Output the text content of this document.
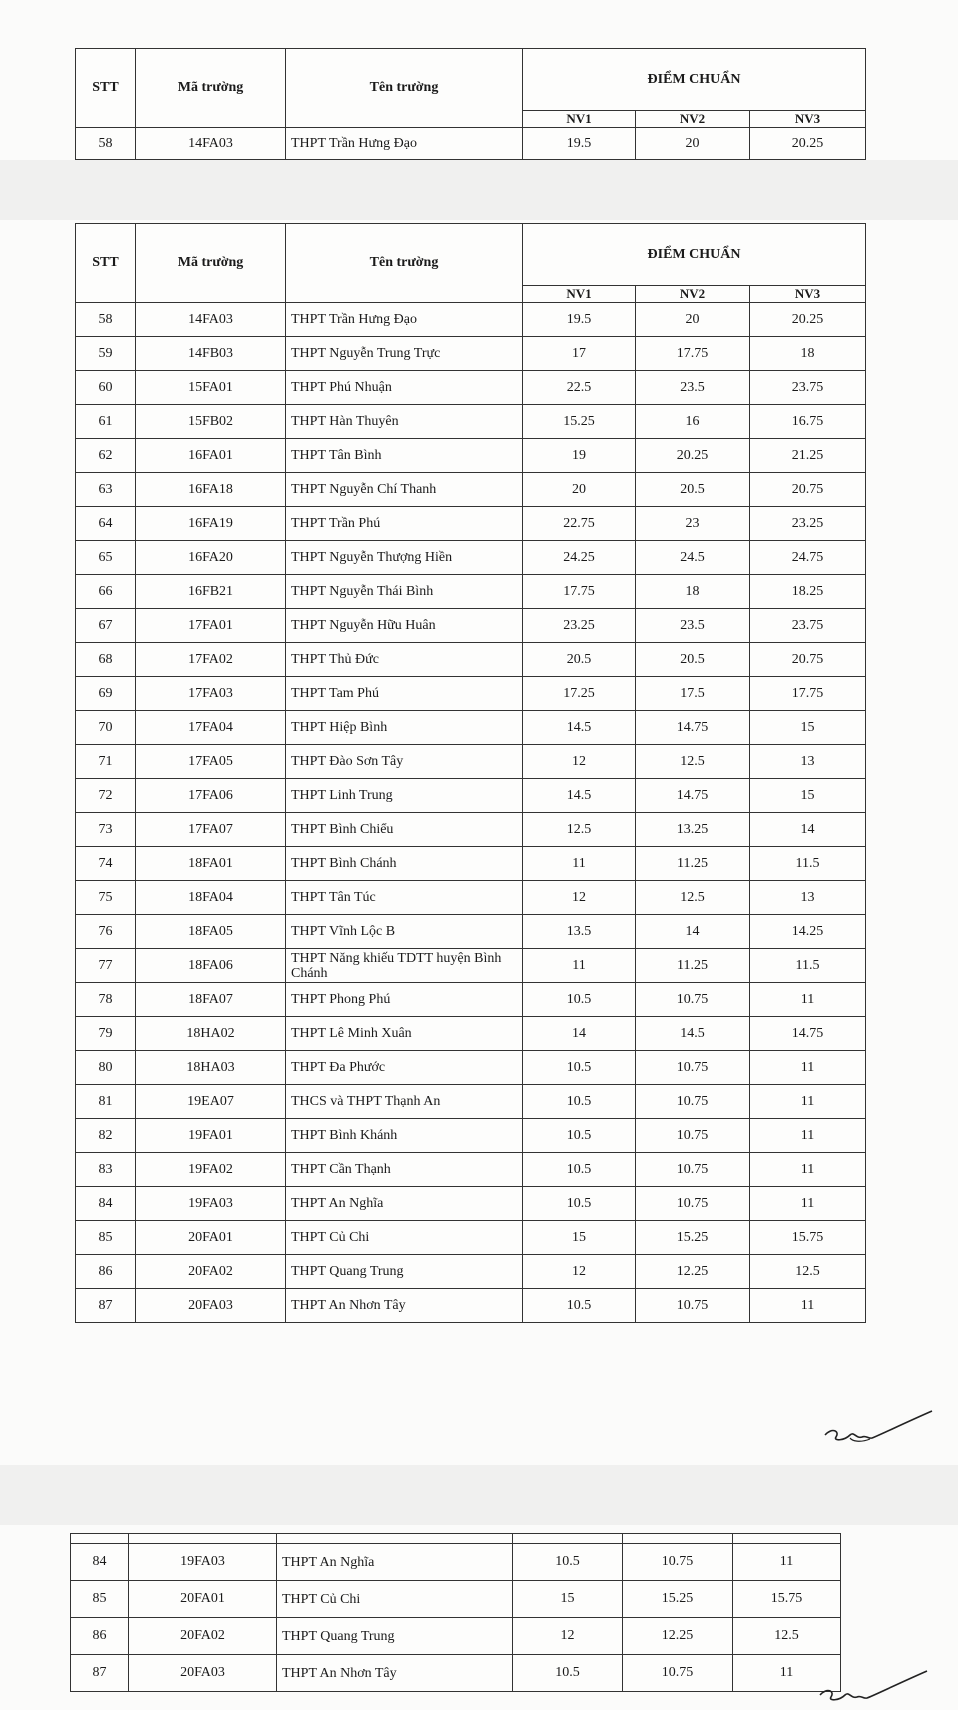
STT	Mã trường	Tên trường	ĐIỂM CHUẨN		
			NV1	NV2	NV3
58	14FA03	THPT Trần Hưng Đạo	19.5	20	20.25
STT	Mã trường	Tên trường	ĐIỂM CHUẨN		
			NV1	NV2	NV3
58	14FA03	THPT Trần Hưng Đạo	19.5	20	20.25
59	14FB03	THPT Nguyễn Trung Trực	17	17.75	18
60	15FA01	THPT Phú Nhuận	22.5	23.5	23.75
61	15FB02	THPT Hàn Thuyên	15.25	16	16.75
62	16FA01	THPT Tân Bình	19	20.25	21.25
63	16FA18	THPT Nguyễn Chí Thanh	20	20.5	20.75
64	16FA19	THPT Trần Phú	22.75	23	23.25
65	16FA20	THPT Nguyễn Thượng Hiền	24.25	24.5	24.75
66	16FB21	THPT Nguyễn Thái Bình	17.75	18	18.25
67	17FA01	THPT Nguyễn Hữu Huân	23.25	23.5	23.75
68	17FA02	THPT Thủ Đức	20.5	20.5	20.75
69	17FA03	THPT Tam Phú	17.25	17.5	17.75
70	17FA04	THPT Hiệp Bình	14.5	14.75	15
71	17FA05	THPT Đào Sơn Tây	12	12.5	13
72	17FA06	THPT Linh Trung	14.5	14.75	15
73	17FA07	THPT Bình Chiểu	12.5	13.25	14
74	18FA01	THPT Bình Chánh	11	11.25	11.5
75	18FA04	THPT Tân Túc	12	12.5	13
76	18FA05	THPT Vĩnh Lộc B	13.5	14	14.25
77	18FA06	THPT Năng khiếu TDTT huyện Bình Chánh	11	11.25	11.5
78	18FA07	THPT Phong Phú	10.5	10.75	11
79	18HA02	THPT Lê Minh Xuân	14	14.5	14.75
80	18HA03	THPT Đa Phước	10.5	10.75	11
81	19EA07	THCS và THPT Thạnh An	10.5	10.75	11
82	19FA01	THPT Bình Khánh	10.5	10.75	11
83	19FA02	THPT Cần Thạnh	10.5	10.75	11
84	19FA03	THPT An Nghĩa	10.5	10.75	11
85	20FA01	THPT Củ Chi	15	15.25	15.75
86	20FA02	THPT Quang Trung	12	12.25	12.5
87	20FA03	THPT An Nhơn Tây	10.5	10.75	11

84	19FA03	THPT An Nghĩa	10.5	10.75	11
85	20FA01	THPT Củ Chi	15	15.25	15.75
86	20FA02	THPT Quang Trung	12	12.25	12.5
87	20FA03	THPT An Nhơn Tây	10.5	10.75	11
